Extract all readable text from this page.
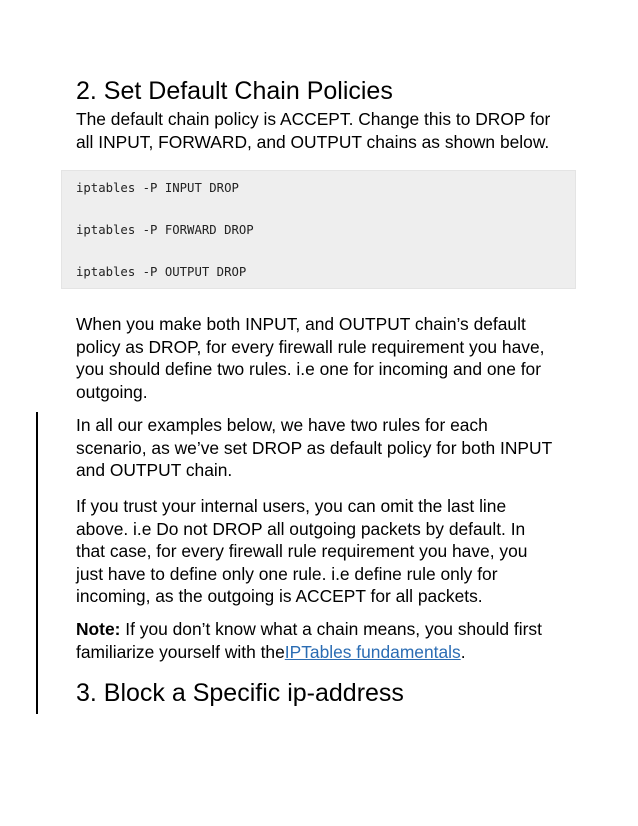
2. Set Default Chain Policies

The default chain policy is ACCEPT. Change this to DROP for
all INPUT, FORWARD, and OUTPUT chains as shown below.

iptables -P INPUT DROP
iptables -P FORWARD DROP
iptables -P OUTPUT DROP

When you make both INPUT, and OUTPUT chain’s default
policy as DROP, for every firewall rule requirement you have,
you should define two rules. i.e one for incoming and one for
outgoing.

In all our examples below, we have two rules for each
scenario, as we’ve set DROP as default policy for both INPUT
and OUTPUT chain.

If you trust your internal users, you can omit the last line
above. i.e Do not DROP all outgoing packets by default. In
that case, for every firewall rule requirement you have, you
just have to define only one rule. i.e define rule only for
incoming, as the outgoing is ACCEPT for all packets.

Note: If you don’t know what a chain means, you should first
familiarize yourself with theIPTables fundamentals.

3. Block a Specific ip-address
